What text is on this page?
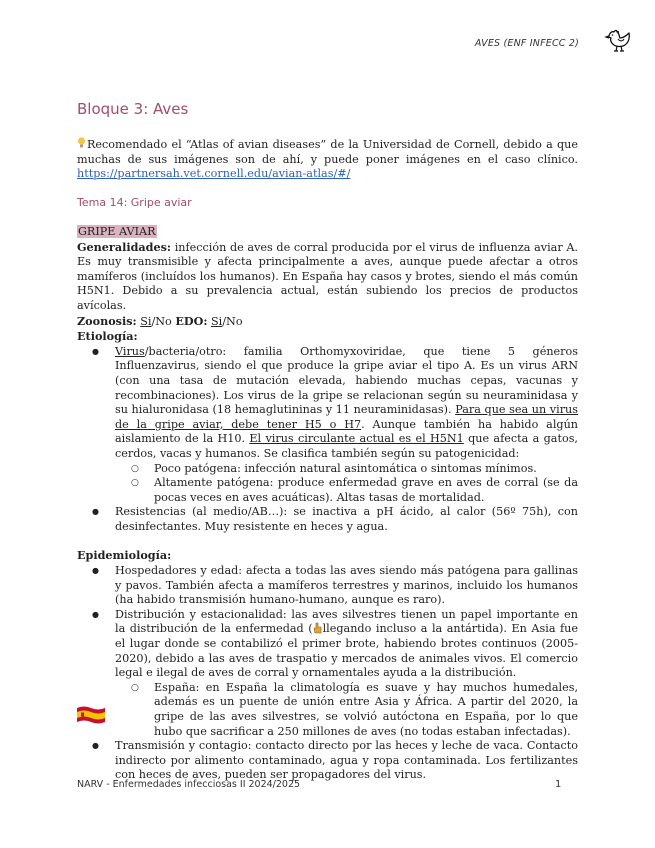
AVES (ENF INFECC 2)
Bloque 3: Aves
Recomendado el “Atlas of avian diseases” de la Universidad de Cornell, debido a que muchas de sus imágenes son de ahí, y puede poner imágenes en el caso clínico. https://partnersah.vet.cornell.edu/avian-atlas/#/
Tema 14: Gripe aviar

GRIPE AVIAR

Generalidades: infección de aves de corral producida por el virus de influenza aviar A. Es muy transmisible y afecta principalmente a aves, aunque puede afectar a otros mamíferos (incluídos los humanos). En España hay casos y brotes, siendo el más común H5N1. Debido a su prevalencia actual, están subiendo los precios de productos avícolas.

Zoonosis: Si/No EDO: Si/No

Etiología:

● Virus/bacteria/otro: familia Orthomyxoviridae, que tiene 5 géneros Influenzavirus, siendo el que produce la gripe aviar el tipo A. Es un virus ARN (con una tasa de mutación elevada, habiendo muchas cepas, vacunas y recombinaciones). Los virus de la gripe se relacionan según su neuraminidasa y su hialuronidasa (18 hemaglutininas y 11 neuraminidasas). Para que sea un virus de la gripe aviar, debe tener H5 o H7. Aunque también ha habido algún aislamiento de la H10. El virus circulante actual es el H5N1 que afecta a gatos, cerdos, vacas y humanos. Se clasifica también según su patogenicidad:
○ Poco patógena: infección natural asintomática o sintomas mínimos.
○ Altamente patógena: produce enfermedad grave en aves de corral (se da pocas veces en aves acuáticas). Altas tasas de mortalidad.
● Resistencias (al medio/AB…): se inactiva a pH ácido, al calor (56º 75h), con desinfectantes. Muy resistente en heces y agua.

Epidemiología:

● Hospedadores y edad: afecta a todas las aves siendo más patógena para gallinas y pavos. También afecta a mamíferos terrestres y marinos, incluido los humanos (ha habido transmisión humano-humano, aunque es raro).
● Distribución y estacionalidad: las aves silvestres tienen un papel importante en la distribución de la enfermedad ( llegando incluso a la antártida). En Asia fue el lugar donde se contabilizó el primer brote, habiendo brotes continuos (2005-2020), debido a las aves de traspatio y mercados de animales vivos. El comercio legal e ilegal de aves de corral y ornamentales ayuda a la distribución.
○ España: en España la climatología es suave y hay muchos humedales, además es un puente de unión entre Asia y África. A partir del 2020, la gripe de las aves silvestres, se volvió autóctona en España, por lo que hubo que sacrificar a 250 millones de aves (no todas estaban infectadas).
● Transmisión y contagio: contacto directo por las heces y leche de vaca. Contacto indirecto por alimento contaminado, agua y ropa contaminada. Los fertilizantes con heces de aves, pueden ser propagadores del virus.
NARV - Enfermedades infecciosas II 2024/2025	1
